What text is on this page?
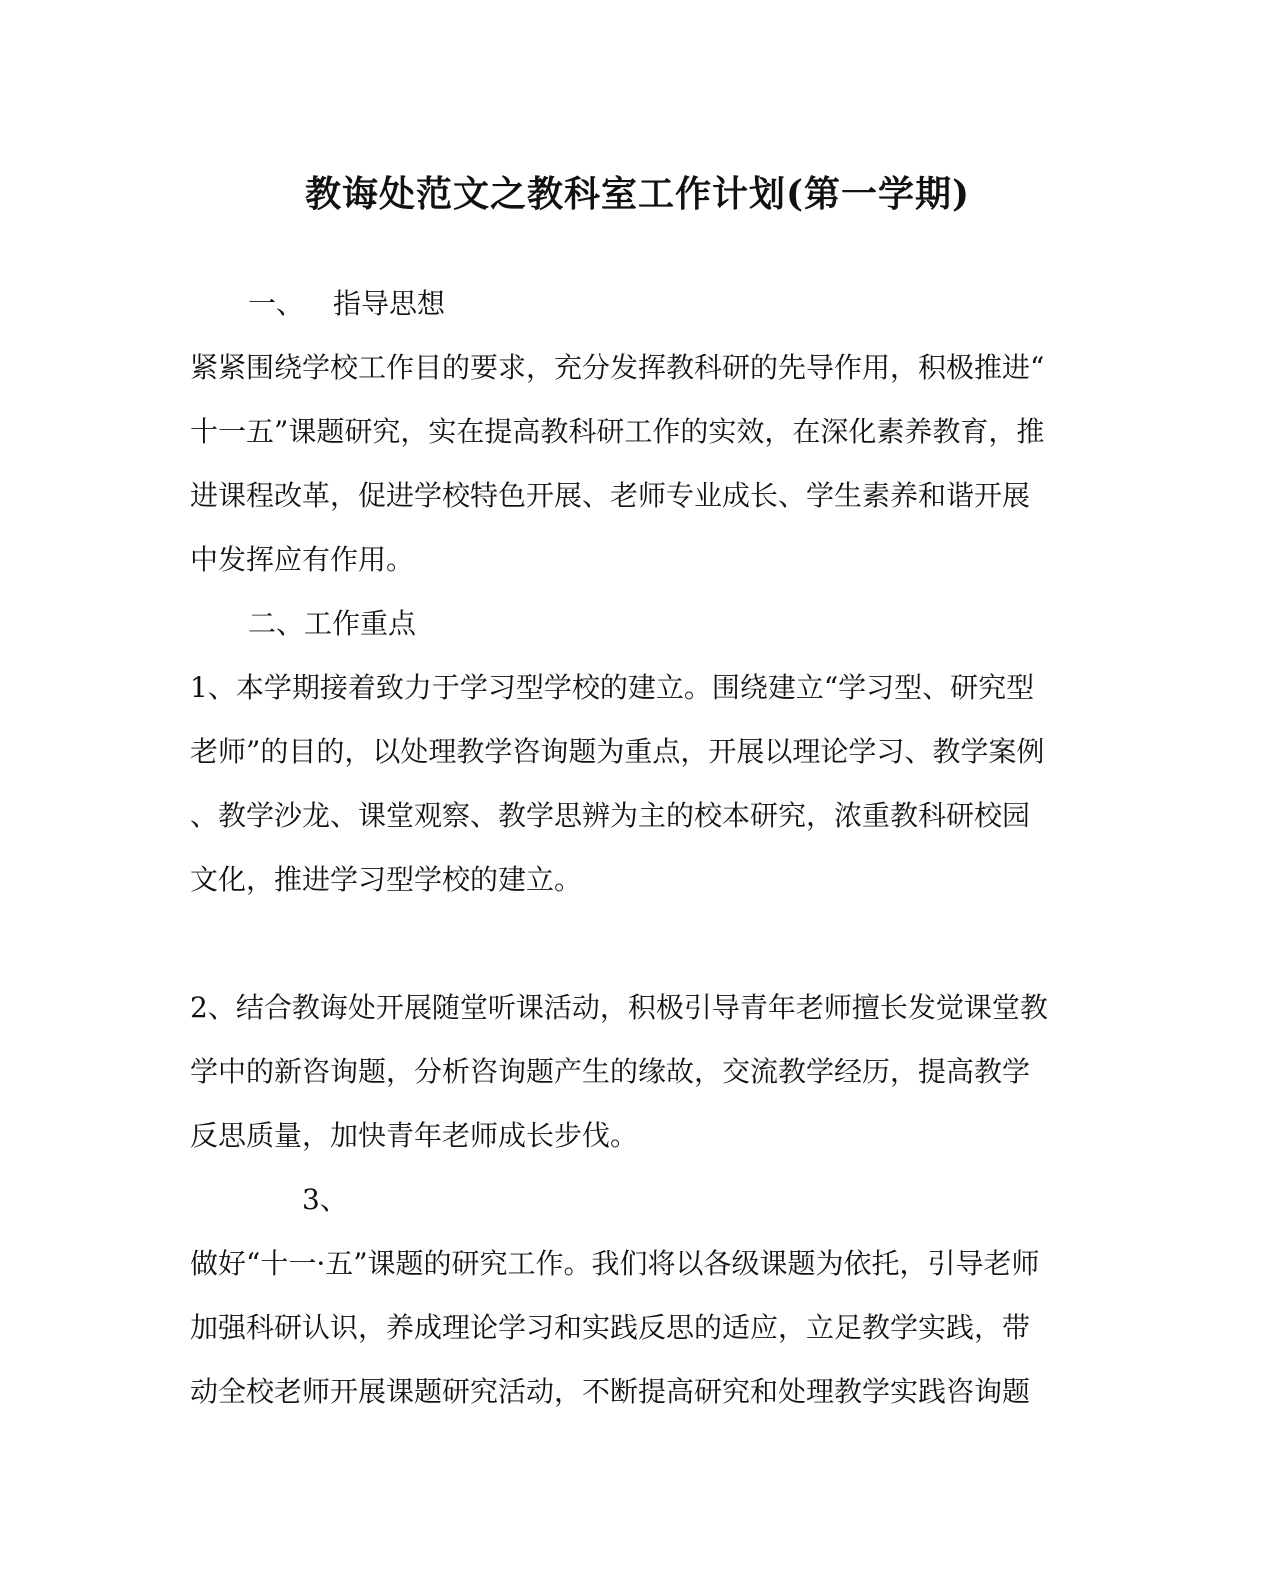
教诲处范文之教科室工作计划(第一学期)
一、 指导思想
紧紧围绕学校工作目的要求，充分发挥教科研的先导作用，积极推进“
十一五”课题研究，实在提高教科研工作的实效，在深化素养教育，推
进课程改革，促进学校特色开展、老师专业成长、学生素养和谐开展
中发挥应有作用。
二、工作重点
1、本学期接着致力于学习型学校的建立。围绕建立“学习型、研究型
老师”的目的，以处理教学咨询题为重点，开展以理论学习、教学案例
、教学沙龙、课堂观察、教学思辨为主的校本研究，浓重教科研校园
文化，推进学习型学校的建立。
2、结合教诲处开展随堂听课活动，积极引导青年老师擅长发觉课堂教
学中的新咨询题，分析咨询题产生的缘故，交流教学经历，提高教学
反思质量，加快青年老师成长步伐。
3、
做好“十一·五”课题的研究工作。我们将以各级课题为依托，引导老师
加强科研认识，养成理论学习和实践反思的适应，立足教学实践，带
动全校老师开展课题研究活动，不断提高研究和处理教学实践咨询题
